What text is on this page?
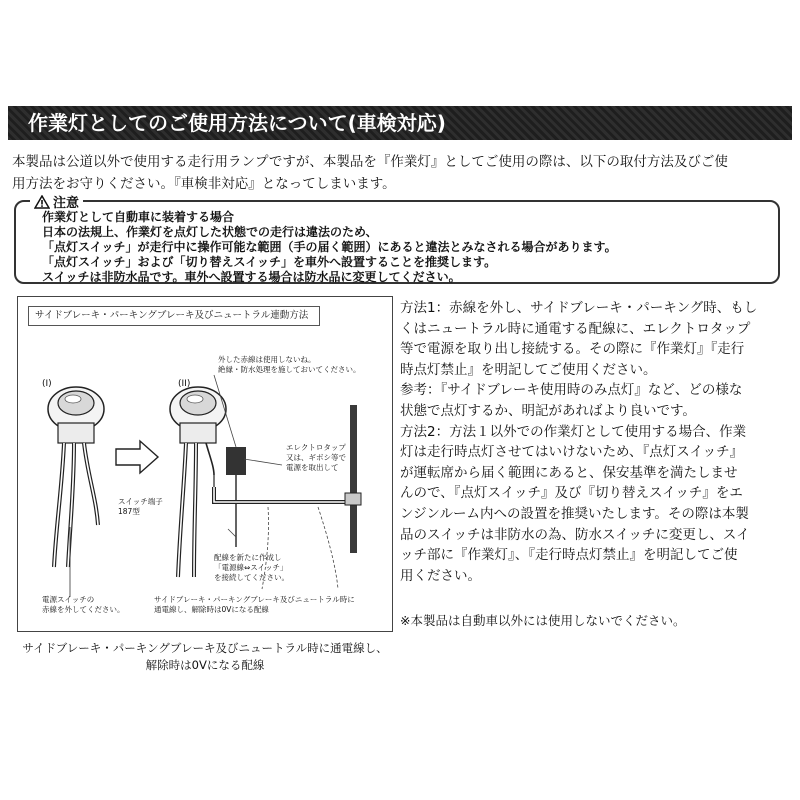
作業灯としてのご使用方法について(車検対応)
本製品は公道以外で使用する走行用ランプですが、本製品を『作業灯』としてご使用の際は、以下の取付方法及びご使
用方法をお守りください。『車検非対応』となってしまいます。
注意
作業灯として自動車に装着する場合
日本の法規上、作業灯を点灯した状態での走行は違法のため、
「点灯スイッチ」が走行中に操作可能な範囲（手の届く範囲）にあると違法とみなされる場合があります。
「点灯スイッチ」および「切り替えスイッチ」を車外へ設置することを推奨します。
スイッチは非防水品です。車外へ設置する場合は防水品に変更してください。
サイドブレーキ・パーキングブレーキ及びニュートラル連動方法
(I)	(II)
外した赤線は使用しないね。
絶縁・防水処理を施しておいてください。
エレクトロタップ
又は、ギボシ等で
電源を取出して
スイッチ端子
187型
配線を新たに作成し
「電源線⇔スイッチ」
を接続してください。
電源スイッチの
赤線を外してください。
サイドブレーキ・パーキングブレーキ及びニュートラル時に
通電線し、解除時は0Vになる配線
サイドブレーキ・パーキングブレーキ及びニュートラル時に通電線し、
解除時は0Vになる配線
方法1：赤線を外し、サイドブレーキ・パーキング時、もし
くはニュートラル時に通電する配線に、エレクトロタップ
等で電源を取り出し接続する。その際に『作業灯』『走行
時点灯禁止』を明記してご使用ください。
参考：『サイドブレーキ使用時のみ点灯』など、どの様な
状態で点灯するか、明記があればより良いです。
方法2：方法１以外での作業灯として使用する場合、作業
灯は走行時点灯させてはいけないため、『点灯スイッチ』
が運転席から届く範囲にあると、保安基準を満たしませ
んので、『点灯スイッチ』及び『切り替えスイッチ』をエ
ンジンルーム内への設置を推奨いたします。その際は本製
品のスイッチは非防水の為、防水スイッチに変更し、スイ
ッチ部に『作業灯』、『走行時点灯禁止』を明記してご使
用ください。
※本製品は自動車以外には使用しないでください。
